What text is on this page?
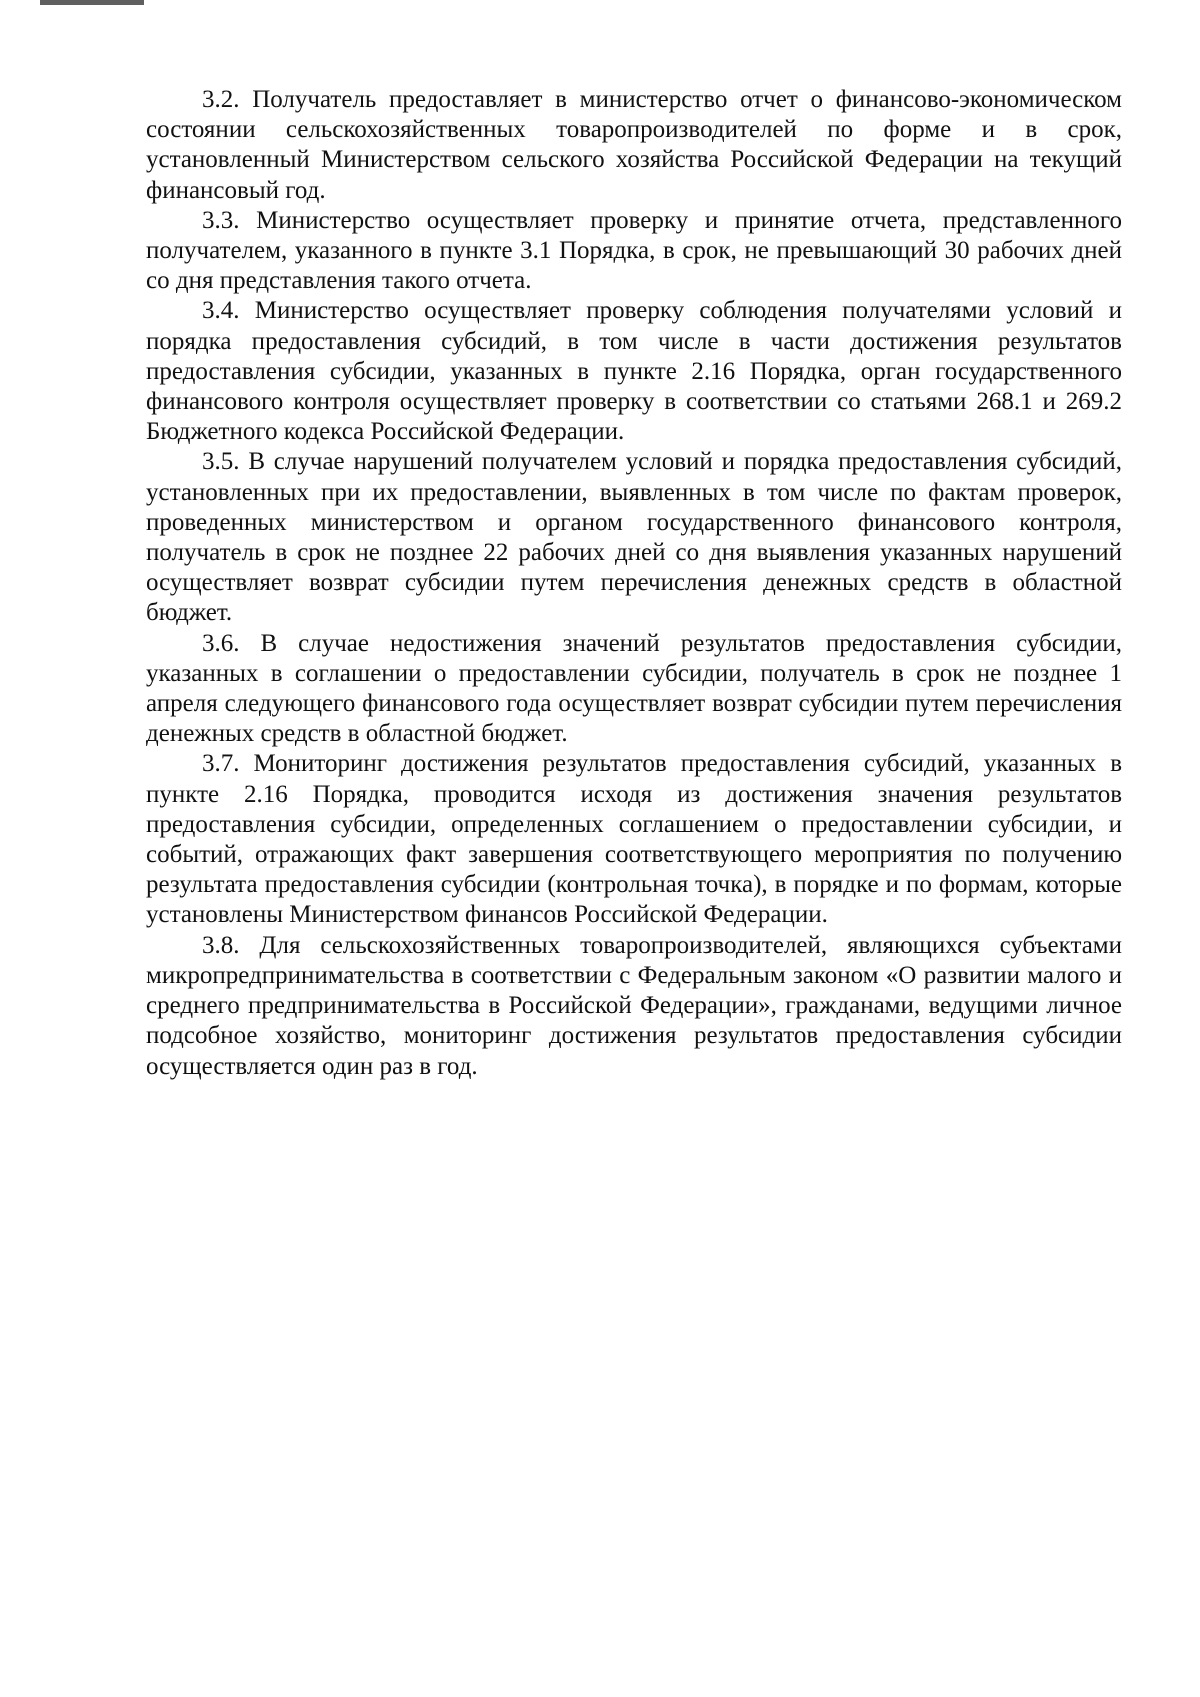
3.2. Получатель предоставляет в министерство отчет о финансово-экономическом состоянии сельскохозяйственных товаропроизводителей по форме и в срок, установленный Министерством сельского хозяйства Российской Федерации на текущий финансовый год.

3.3. Министерство осуществляет проверку и принятие отчета, представленного получателем, указанного в пункте 3.1 Порядка, в срок, не превышающий 30 рабочих дней со дня представления такого отчета.

3.4. Министерство осуществляет проверку соблюдения получателями условий и порядка предоставления субсидий, в том числе в части достижения результатов предоставления субсидии, указанных в пункте 2.16 Порядка, орган государственного финансового контроля осуществляет проверку в соответствии со статьями 268.1 и 269.2 Бюджетного кодекса Российской Федерации.

3.5. В случае нарушений получателем условий и порядка предоставления субсидий, установленных при их предоставлении, выявленных в том числе по фактам проверок, проведенных министерством и органом государственного финансового контроля, получатель в срок не позднее 22 рабочих дней со дня выявления указанных нарушений осуществляет возврат субсидии путем перечисления денежных средств в областной бюджет.

3.6. В случае недостижения значений результатов предоставления субсидии, указанных в соглашении о предоставлении субсидии, получатель в срок не позднее 1 апреля следующего финансового года осуществляет возврат субсидии путем перечисления денежных средств в областной бюджет.

3.7. Мониторинг достижения результатов предоставления субсидий, указанных в пункте 2.16 Порядка, проводится исходя из достижения значения результатов предоставления субсидии, определенных соглашением о предоставлении субсидии, и событий, отражающих факт завершения соответствующего мероприятия по получению результата предоставления субсидии (контрольная точка), в порядке и по формам, которые установлены Министерством финансов Российской Федерации.

3.8. Для сельскохозяйственных товаропроизводителей, являющихся субъектами микропредпринимательства в соответствии с Федеральным законом «О развитии малого и среднего предпринимательства в Российской Федерации», гражданами, ведущими личное подсобное хозяйство, мониторинг достижения результатов предоставления субсидии осуществляется один раз в год.
